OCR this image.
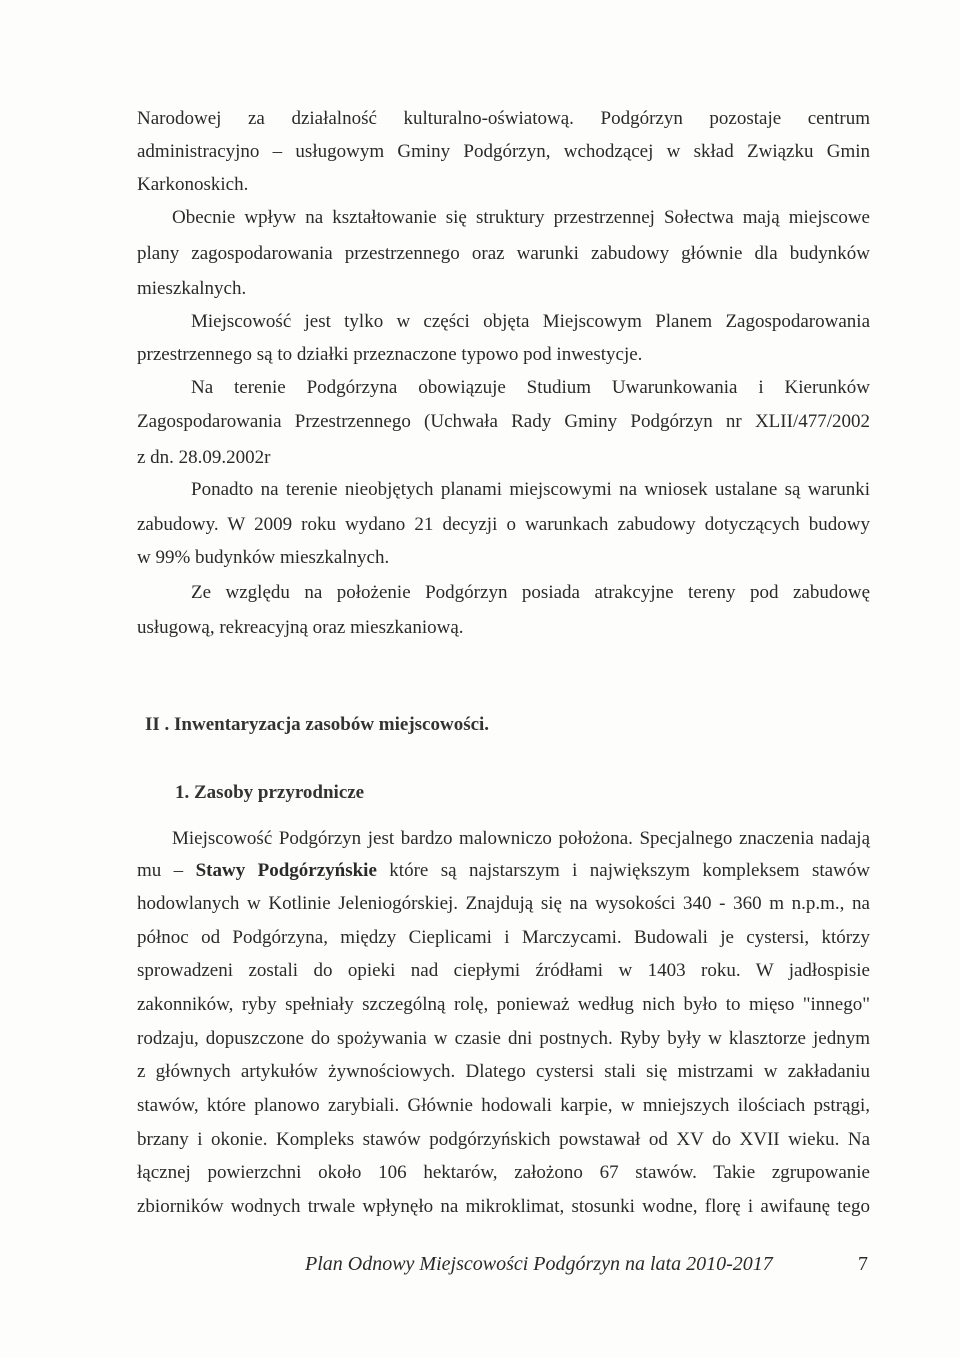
Narodowej za działalność kulturalno-oświatową. Podgórzyn pozostaje centrum
administracyjno – usługowym Gminy Podgórzyn, wchodzącej w skład Związku Gmin
Karkonoskich.
Obecnie wpływ na kształtowanie się struktury przestrzennej Sołectwa mają miejscowe
plany zagospodarowania przestrzennego oraz warunki zabudowy głównie dla budynków
mieszkalnych.
Miejscowość jest tylko w części objęta Miejscowym Planem Zagospodarowania
przestrzennego są to działki przeznaczone typowo pod inwestycje.
Na terenie Podgórzyna obowiązuje Studium Uwarunkowania i Kierunków
Zagospodarowania Przestrzennego (Uchwała Rady Gminy Podgórzyn nr XLII/477/2002
z dn. 28.09.2002r
Ponadto na terenie nieobjętych planami miejscowymi na wniosek ustalane są warunki
zabudowy. W 2009 roku wydano 21 decyzji o warunkach zabudowy dotyczących budowy
w 99% budynków mieszkalnych.
Ze względu na położenie Podgórzyn posiada atrakcyjne tereny pod zabudowę
usługową, rekreacyjną oraz mieszkaniową.
II . Inwentaryzacja zasobów miejscowości.
1. Zasoby przyrodnicze
Miejscowość Podgórzyn jest bardzo malowniczo położona. Specjalnego znaczenia nadają
mu – Stawy Podgórzyńskie które są najstarszym i największym kompleksem stawów
hodowlanych w Kotlinie Jeleniogórskiej. Znajdują się na wysokości 340 - 360 m n.p.m., na
północ od Podgórzyna, między Cieplicami i Marczycami. Budowali je cystersi, którzy
sprowadzeni zostali do opieki nad ciepłymi źródłami w 1403 roku. W jadłospisie
zakonników, ryby spełniały szczególną rolę, ponieważ według nich było to mięso "innego"
rodzaju, dopuszczone do spożywania w czasie dni postnych. Ryby były w klasztorze jednym
z głównych artykułów żywnościowych. Dlatego cystersi stali się mistrzami w zakładaniu
stawów, które planowo zarybiali. Głównie hodowali karpie, w mniejszych ilościach pstrągi,
brzany i okonie. Kompleks stawów podgórzyńskich powstawał od XV do XVII wieku. Na
łącznej powierzchni około 106 hektarów, założono 67 stawów. Takie zgrupowanie
zbiorników wodnych trwale wpłynęło na mikroklimat, stosunki wodne, florę i awifaunę tego
Plan Odnowy Miejscowości Podgórzyn na lata 2010-2017	7
